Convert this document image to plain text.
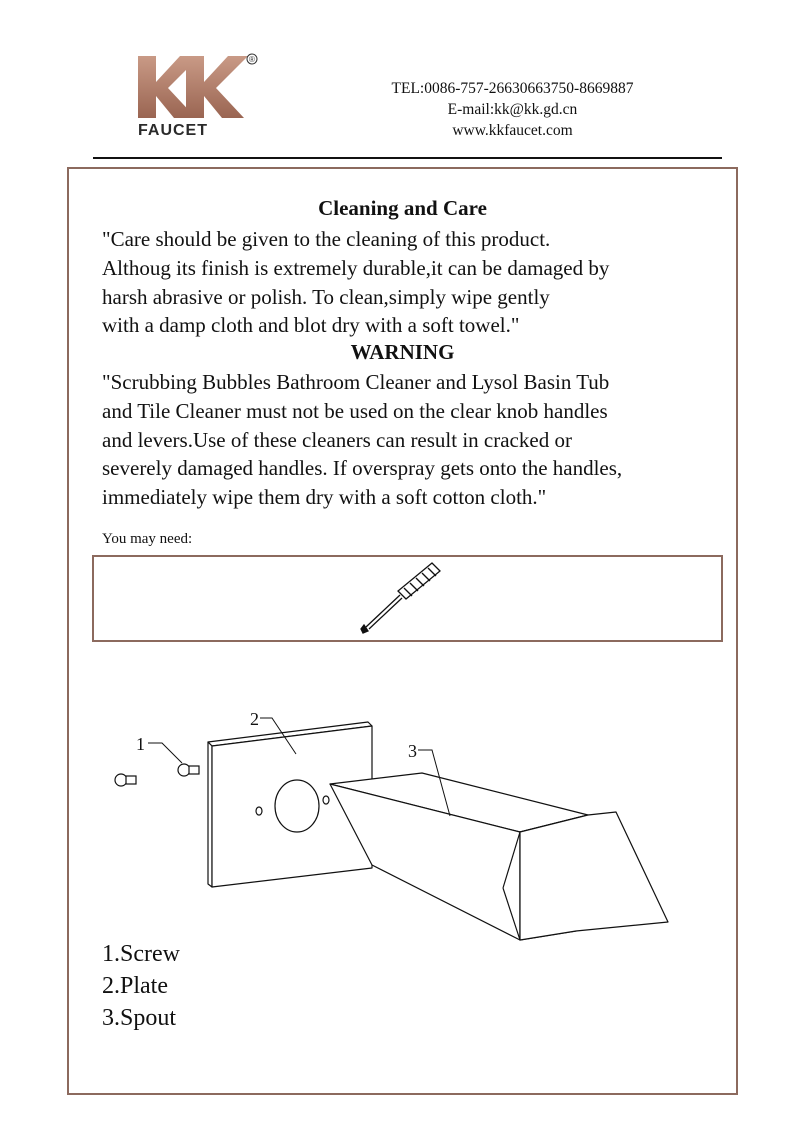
®
FAUCET
TEL:0086-757-26630663750-8669887
E-mail:kk@kk.gd.cn
www.kkfaucet.com
Cleaning and Care
"Care should be given to the cleaning of this product.
Althoug its finish is extremely durable,it can be damaged by
harsh abrasive or polish. To clean,simply wipe gently
with a damp cloth and blot dry with a soft towel."
WARNING
"Scrubbing Bubbles Bathroom Cleaner and Lysol Basin Tub
and Tile Cleaner must not be used on the clear knob handles
and levers.Use of these cleaners can result in cracked or
severely damaged handles. If overspray gets onto the handles,
immediately wipe them dry with a soft cotton cloth."
You may need:
1
2
3
1.Screw
2.Plate
3.Spout
